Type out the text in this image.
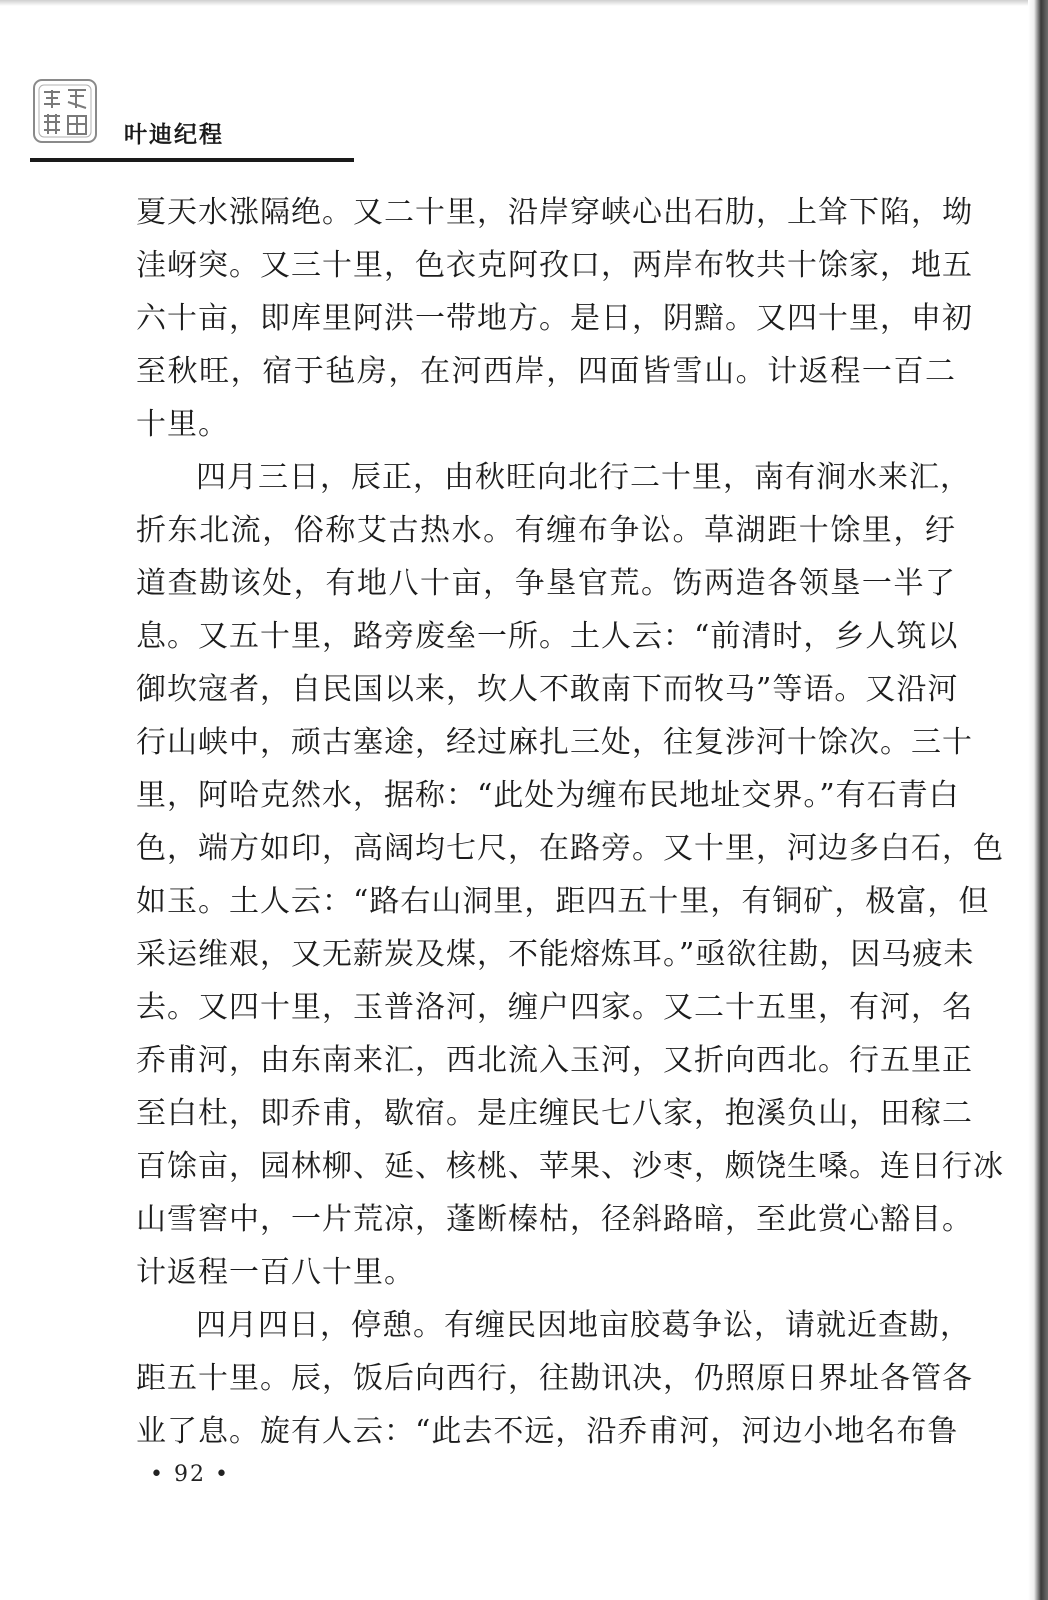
叶迪纪程
夏天水涨隔绝。又二十里，沿岸穿峡心出石肋，上耸下陷，坳
洼岈突。又三十里，色衣克阿孜口，两岸布牧共十馀家，地五
六十亩，即库里阿洪一带地方。是日，阴黯。又四十里，申初
至秋旺，宿于毡房，在河西岸，四面皆雪山。计返程一百二
十里。
四月三日，辰正，由秋旺向北行二十里，南有涧水来汇，
折东北流，俗称艾古热水。有缠布争讼。草湖距十馀里，纡
道查勘该处，有地八十亩，争垦官荒。饬两造各领垦一半了
息。又五十里，路旁废垒一所。土人云：“前清时，乡人筑以
御坎寇者，自民国以来，坎人不敢南下而牧马”等语。又沿河
行山峡中，顽古塞途，经过麻扎三处，往复涉河十馀次。三十
里，阿哈克然水，据称：“此处为缠布民地址交界。”有石青白
色，端方如印，高阔均七尺，在路旁。又十里，河边多白石，色
如玉。土人云：“路右山洞里，距四五十里，有铜矿，极富，但
采运维艰，又无薪炭及煤，不能熔炼耳。”亟欲往勘，因马疲未
去。又四十里，玉普洛河，缠户四家。又二十五里，有河，名
乔甫河，由东南来汇，西北流入玉河，又折向西北。行五里正
至白杜，即乔甫，歇宿。是庄缠民七八家，抱溪负山，田稼二
百馀亩，园林柳、延、核桃、苹果、沙枣，颇饶生嗓。连日行冰
山雪窖中，一片荒凉，蓬断榛枯，径斜路暗，至此赏心豁目。
计返程一百八十里。
四月四日，停憩。有缠民因地亩胶葛争讼，请就近查勘，
距五十里。辰，饭后向西行，往勘讯决，仍照原日界址各管各
业了息。旋有人云：“此去不远，沿乔甫河，河边小地名布鲁
• 92 •
